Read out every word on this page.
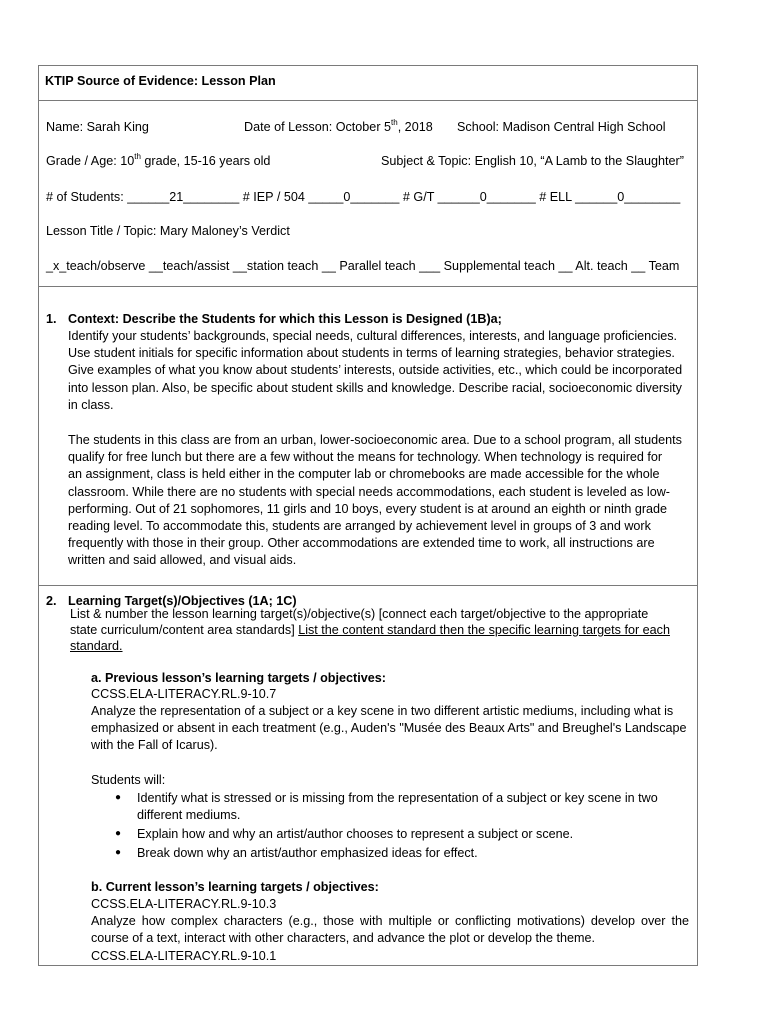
KTIP Source of Evidence: Lesson Plan
Name: Sarah King	Date of Lesson: October 5th, 2018 School: Madison Central High School
Grade / Age: 10th grade, 15-16 years old	Subject & Topic: English 10, “A Lamb to the Slaughter”
# of Students: ______21________ # IEP / 504 _____0_______ # G/T ______0_______ # ELL ______0________
Lesson Title / Topic: Mary Maloney’s Verdict
_x_teach/observe __teach/assist __station teach __ Parallel teach ___ Supplemental teach __ Alt. teach __ Team
1. Context: Describe the Students for which this Lesson is Designed (1B)a;

Identify your students’ backgrounds, special needs, cultural differences, interests, and language proficiencies.

Use student initials for specific information about students in terms of learning strategies, behavior strategies.

Give examples of what you know about students’ interests, outside activities, etc., which could be incorporated

into lesson plan. Also, be specific about student skills and knowledge. Describe racial, socioeconomic diversity

in class.

The students in this class are from an urban, lower-socioeconomic area. Due to a school program, all students

qualify for free lunch but there are a few without the means for technology. When technology is required for

an assignment, class is held either in the computer lab or chromebooks are made accessible for the whole

classroom. While there are no students with special needs accommodations, each student is leveled as low-

performing. Out of 21 sophomores, 11 girls and 10 boys, every student is at around an eighth or ninth grade

reading level. To accommodate this, students are arranged by achievement level in groups of 3 and work

frequently with those in their group. Other accommodations are extended time to work, all instructions are

written and said allowed, and visual aids.

2. Learning Target(s)/Objectives (1A; 1C)
List & number the lesson learning target(s)/objective(s) [connect each target/objective to the appropriate
state curriculum/content area standards] List the content standard then the specific learning targets for each
standard.
a. Previous lesson’s learning targets / objectives:
CCSS.ELA-LITERACY.RL.9-10.7

Analyze the representation of a subject or a key scene in two different artistic mediums, including what is

emphasized or absent in each treatment (e.g., Auden's "Musée des Beaux Arts" and Breughel's Landscape

with the Fall of Icarus).

Students will:
● Identify what is stressed or is missing from the representation of a subject or key scene in two
different mediums.
● Explain how and why an artist/author chooses to represent a subject or scene.
● Break down why an artist/author emphasized ideas for effect.
b. Current lesson’s learning targets / objectives:
CCSS.ELA-LITERACY.RL.9-10.3

Analyze how complex characters (e.g., those with multiple or conflicting motivations) develop over the

course of a text, interact with other characters, and advance the plot or develop the theme.

CCSS.ELA-LITERACY.RL.9-10.1
